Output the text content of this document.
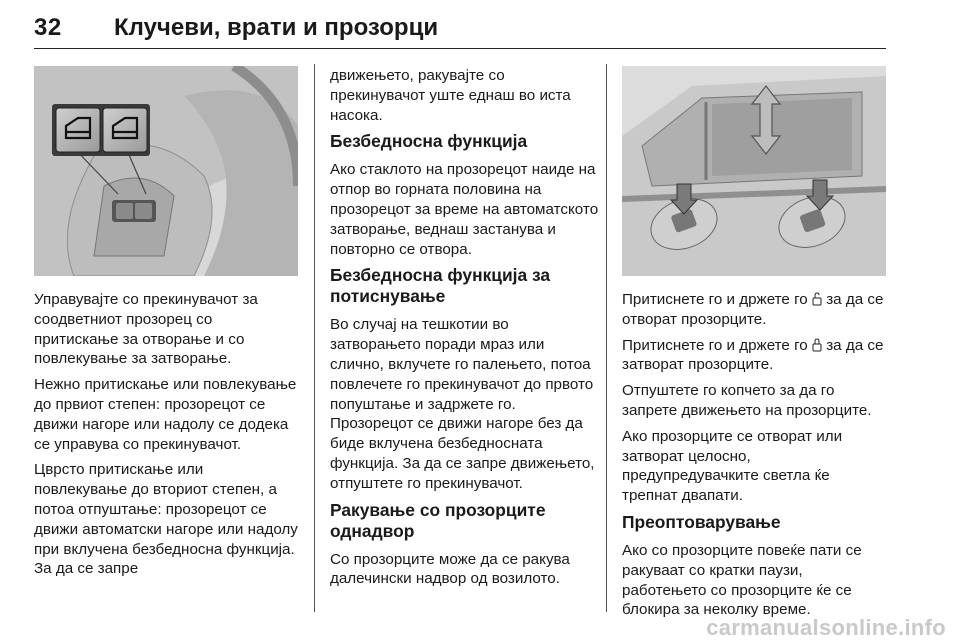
32 Клучеви, врати и прозорци

Управувајте со прекинувачот за соодветниот прозорец со притискање за отворање и со повлекување за затворање.

Нежно притискање или повлекување до првиот степен: прозорецот се движи нагоре или надолу се додека се управува со прекинувачот.

Цврсто притискање или повлекување до вториот степен, а потоа отпуштање: прозорецот се движи автоматски нагоре или надолу при вклучена безбедносна функција. За да се запре

движењето, ракувајте со прекинувачот уште еднаш во иста насока.

Безбедносна функција

Ако стаклото на прозорецот наиде на отпор во горната половина на прозорецот за време на автоматското затворање, веднаш застанува и повторно се отвора.

Безбедносна функција за потиснување

Во случај на тешкотии во затворањето поради мраз или слично, вклучете го палењето, потоа повлечете го прекинувачот до првото попуштање и задржете го. Прозорецот се движи нагоре без да биде вклучена безбедносната функција. За да се запре движењето, отпуштете го прекинувачот.

Ракување со прозорците однадвор

Со прозорците може да се ракува далечински надвор од возилото.

Притиснете го и држете го за да се отворат прозорците.

Притиснете го и држете го за да се затворат прозорците.

Отпуштете го копчето за да го запрете движењето на прозорците.

Ако прозорците се отворат или затворат целосно, предупредувачките светла ќе трепнат двапати.

Преоптоварување

Ако со прозорците повеќе пати се ракуваат со кратки паузи, работењето со прозорците ќе се блокира за неколку време.

carmanualsonline.info
